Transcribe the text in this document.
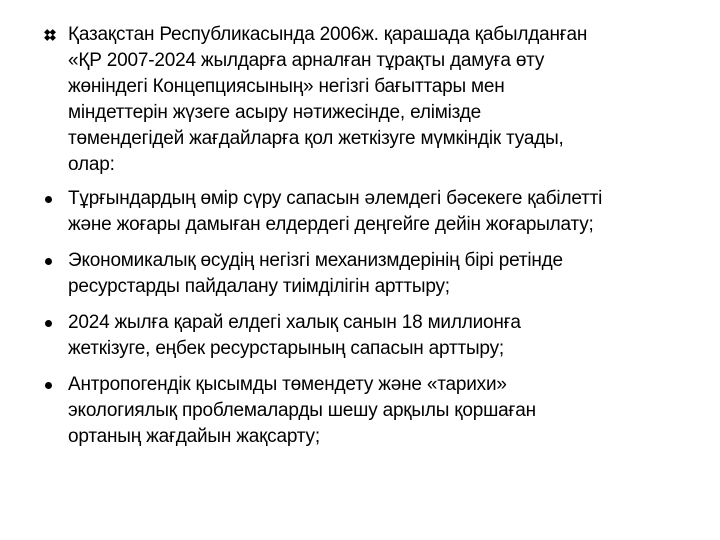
Қазақстан Республикасында 2006ж. қарашада қабылданған
«ҚР 2007-2024 жылдарға арналған тұрақты дамуға өту
жөніндегі Концепциясының» негізгі бағыттары мен
міндеттерін жүзеге асыру нәтижесінде, елімізде
төмендегідей жағдайларға қол жеткізуге мүмкіндік туады,
олар:
Тұрғындардың өмір сүру сапасын әлемдегі бәсекеге қабілетті
және жоғары дамыған елдердегі деңгейге дейін жоғарылату;
Экономикалық өсудің негізгі механизмдерінің бірі ретінде
ресурстарды пайдалану тиімділігін арттыру;
2024 жылға қарай елдегі халық санын 18 миллионға
жеткізуге, еңбек ресурстарының сапасын арттыру;
Антропогендік қысымды төмендету және «тарихи»
экологиялық проблемаларды шешу арқылы қоршаған
ортаның жағдайын жақсарту;
